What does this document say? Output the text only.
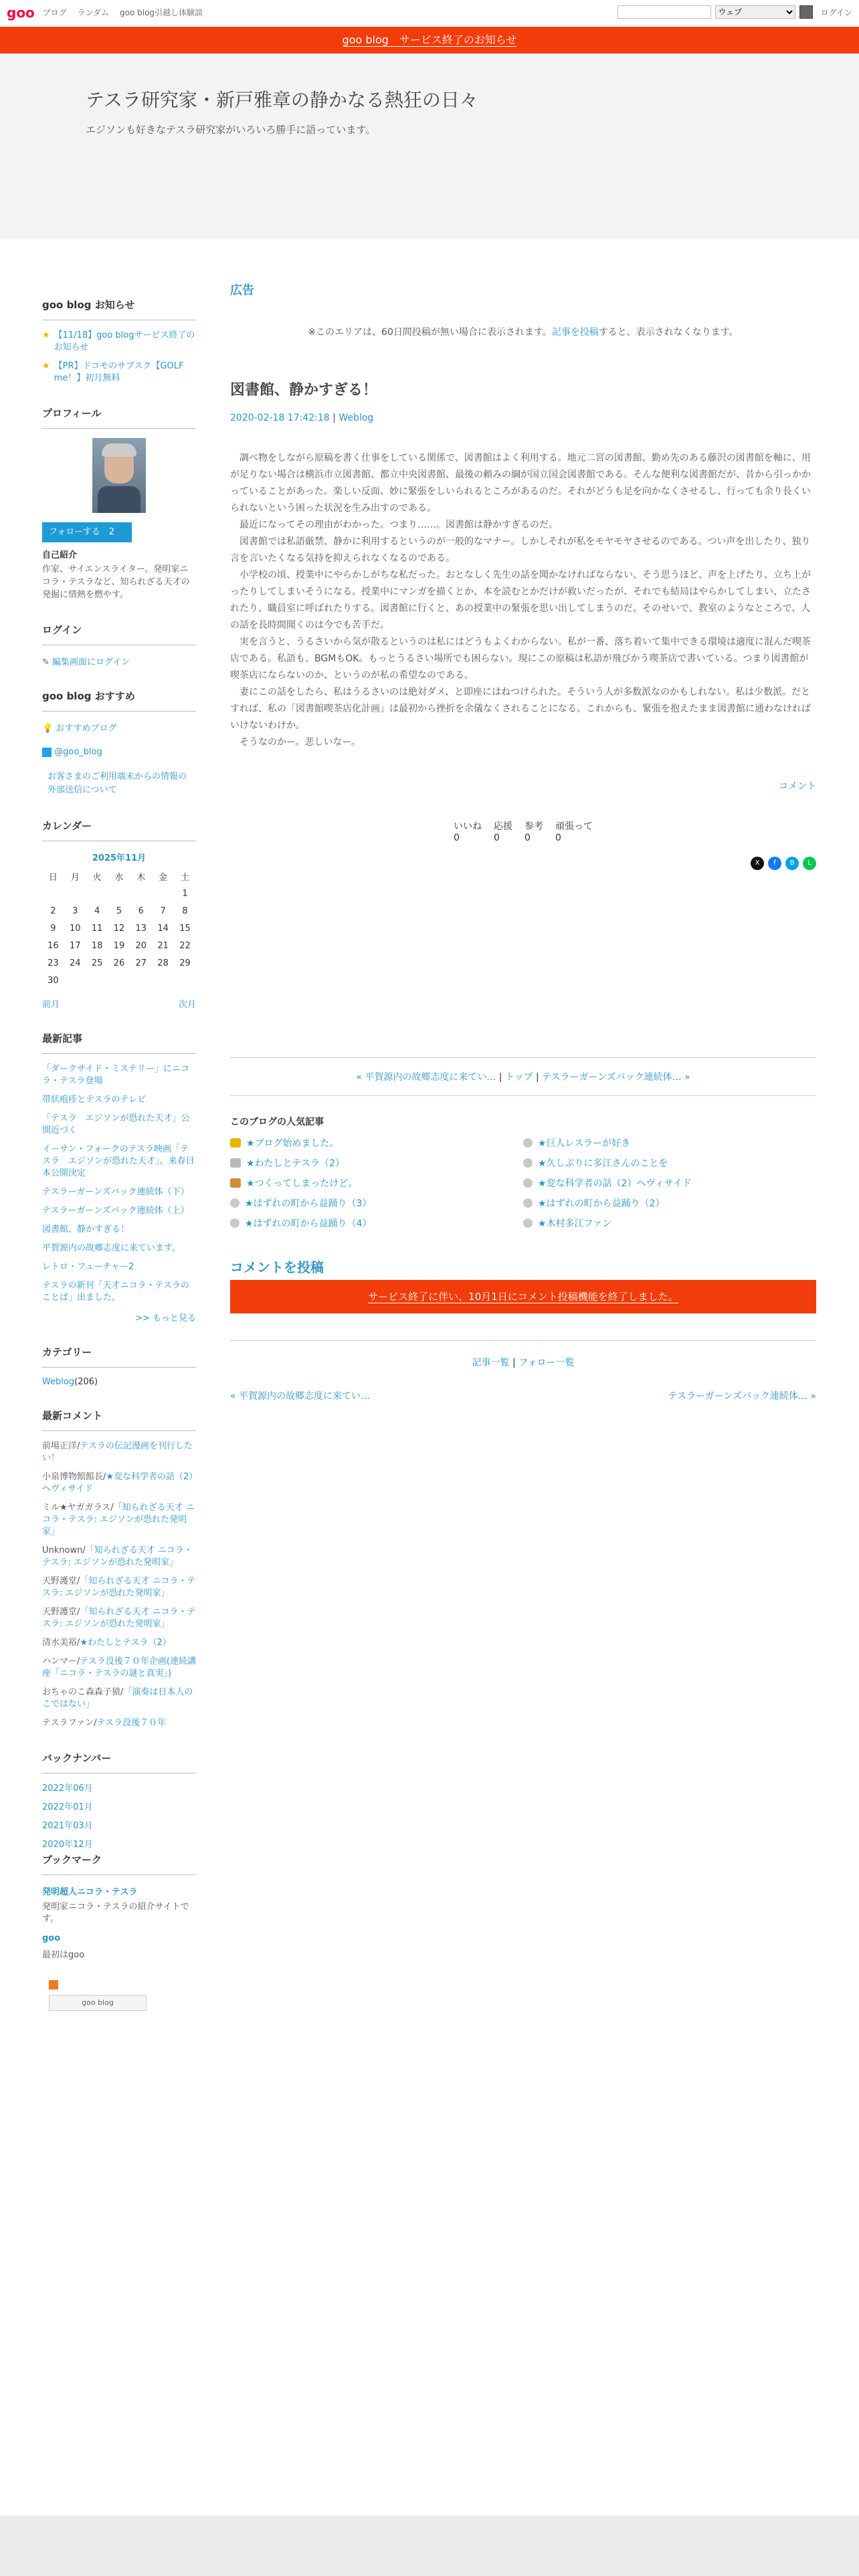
goo ブログ ランダム goo blog引越し体験談
ウェブ	ログイン
goo blog　サービス終了のお知らせ
テスラ研究家・新戸雅章の静かなる熱狂の日々

エジソンも好きなテスラ研究家がいろいろ勝手に語っています。

goo blog お知らせ
★ 【11/18】goo blogサービス終了のお知らせ
★ 【PR】ドコモのサブスク【GOLF me！】初月無料
プロフィール
フォローする　 2
自己紹介
作家、サイエンスライター。発明家ニコラ・テスラなど、知られざる天才の発掘に情熱を燃やす。
ログイン
✎ 編集画面にログイン
goo blog おすすめ
💡 おすすめブログ
@goo_blog
お客さまのご利用端末からの情報の外部送信について
カレンダー
2025年11月
日	月	火	水	木	金	土
						1
2	3	4	5	6	7	8
9	10	11	12	13	14	15
16	17	18	19	20	21	22
23	24	25	26	27	28	29
30						
前月	次月
最新記事
「ダークサイド・ミステリー」にニコラ・テスラ登場
帯状疱疹とテスラのテレビ
「テスラ　エジソンが恐れた天才」公開近づく
イーサン・フォークのテスラ映画「テスラ　エジソンが恐れた天才」、来春日本公開決定
テスラーガーンズバック連続体（下）
テスラーガーンズバック連続体（上）
図書館、静かすぎる！
平賀源内の故郷志度に来ています。
レトロ・フューチャー2
テスラの新刊「天才ニコラ・テスラのことば」出ました。
>> もっと見る
カテゴリー
Weblog(206)
最新コメント
前場正洋/テスラの伝記漫画を刊行したい！
小泉博物館館長/★変な科学者の話（2）ヘヴィサイド
ミル★ヤガガラス/「知られざる天才 ニコラ・テスラ: エジソンが恐れた発明家」
Unknown/「知られざる天才 ニコラ・テスラ: エジソンが恐れた発明家」
天野護堂/「知られざる天才 ニコラ・テスラ: エジソンが恐れた発明家」
天野護堂/「知られざる天才 ニコラ・テスラ: エジソンが恐れた発明家」
清水美裕/★わたしとテスラ（2）
ハンマー/テスラ没後７０年企画(連続講座「ニコラ・テスラの謎と真実」)
おちゃのこ森森子猿/「演奏は日本人のこではない」
テスラファン/テスラ没後７０年
バックナンバー
2022年06月
2022年01月
2021年03月
2020年12月
ブックマーク
発明超人ニコラ・テスラ
発明家ニコラ・テスラの紹介サイトです。
goo
最初はgoo
goo blog
広告
※このエリアは、60日間投稿が無い場合に表示されます。記事を投稿すると、表示されなくなります。
図書館、静かすぎる！
2020-02-18 17:42:18 | Weblog

　調べ物をしながら原稿を書く仕事をしている関係で、図書館はよく利用する。地元二宮の図書館、勤め先のある藤沢の図書館を軸に、用が足りない場合は横浜市立図書館、都立中央図書館、最後の頼みの綱が国立国会図書館である。そんな便利な図書館だが、昔から引っかかっていることがあった。楽しい反面、妙に緊張をしいられるところがあるのだ。それがどうも足を向かなくさせるし、行っても余り長くいられないという困った状況を生み出すのである。

　最近になってその理由がわかった。つまり……。図書館は静かすぎるのだ。

　図書館では私語厳禁、静かに利用するというのが一般的なマナー。しかしそれが私をモヤモヤさせるのである。つい声を出したり、独り言を言いたくなる気持を抑えられなくなるのである。

　小学校の頃、授業中にやらかしがちな私だった。おとなしく先生の話を聞かなければならない、そう思うほど、声を上げたり、立ち上がったりしてしまいそうになる。授業中にマンガを描くとか、本を読むとかだけが救いだったが、それでも結局はやらかしてしまい、立たされたり、職員室に呼ばれたりする。図書館に行くと、あの授業中の緊張を思い出してしまうのだ。そのせいで、教室のようなところで、人の話を長時間聞くのは今でも苦手だ。

　実を言うと、うるさいから気が散るというのは私にはどうもよくわからない。私が一番、落ち着いて集中できる環境は適度に混んだ喫茶店である。私語も、BGMもOK。もっとうるさい場所でも困らない。現にこの原稿は私語が飛びかう喫茶店で書いている。つまり図書館が喫茶店にならないのか、というのが私の希望なのである。

　妻にこの話をしたら、私はうるさいのは絶対ダメ、と即座にはねつけられた。そういう人が多数派なのかもしれない。私は少数派。だとすれば、私の「図書館喫茶店化計画」は最初から挫折を余儀なくされることになる。これからも、緊張を抱えたまま図書館に通わなければいけないわけか。

　そうなのかー。悲しいなー。

コメント
いいね
0
応援
0
参考
0
頑張って
0
X	f	B	L
« 平賀源内の故郷志度に来てい… | トップ | テスラーガーンズバック連続体… »
このブログの人気記事
★ブログ始めました。	★巨人レスラーが好き
★わたしとテスラ（2）	★久しぶりに多江さんのことを
★つくってしまったけど。	★変な科学者の話（2）ヘヴィサイド
★はずれの町から益踊り（3）	★はずれの町から益踊り（2）
★はずれの町から益踊り（4）	★木村多江ファン
コメントを投稿
サービス終了に伴い、10月1日にコメント投稿機能を終了しました。
記事一覧 | フォロー一覧
« 平賀源内の故郷志度に来てい…	テスラーガーンズバック連続体… »
